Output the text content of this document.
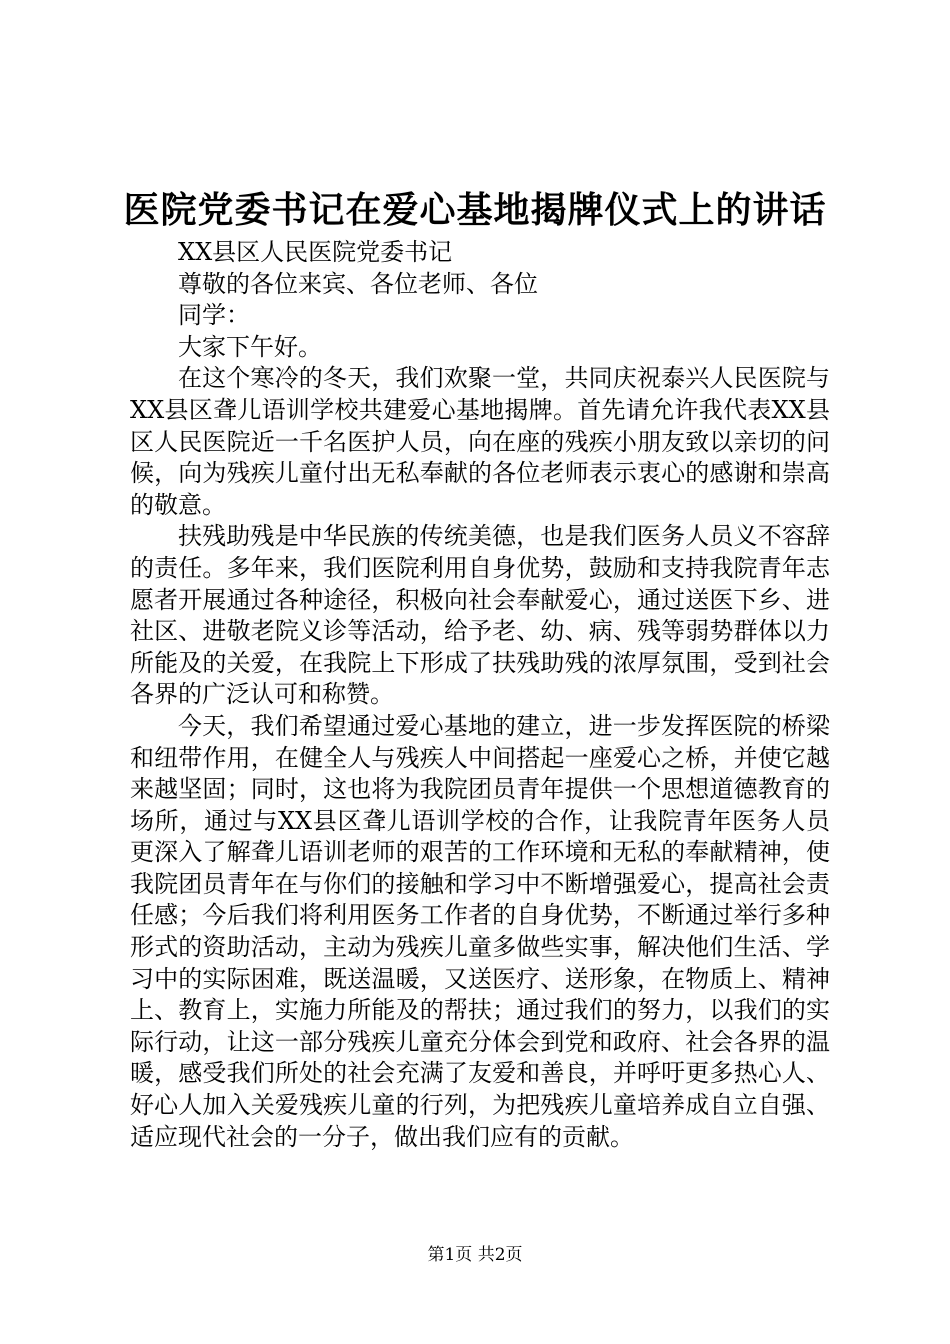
医院党委书记在爱心基地揭牌仪式上的讲话

XX县区人民医院党委书记

尊敬的各位来宾、各位老师、各位

同学：

大家下午好。

在这个寒冷的冬天，我们欢聚一堂，共同庆祝泰兴人民医院与XX县区聋儿语训学校共建爱心基地揭牌。首先请允许我代表XX县区人民医院近一千名医护人员，向在座的残疾小朋友致以亲切的问候，向为残疾儿童付出无私奉献的各位老师表示衷心的感谢和崇高的敬意。

扶残助残是中华民族的传统美德，也是我们医务人员义不容辞的责任。多年来，我们医院利用自身优势，鼓励和支持我院青年志愿者开展通过各种途径，积极向社会奉献爱心，通过送医下乡、进社区、进敬老院义诊等活动，给予老、幼、病、残等弱势群体以力所能及的关爱，在我院上下形成了扶残助残的浓厚氛围，受到社会各界的广泛认可和称赞。

今天，我们希望通过爱心基地的建立，进一步发挥医院的桥梁和纽带作用，在健全人与残疾人中间搭起一座爱心之桥，并使它越来越坚固；同时，这也将为我院团员青年提供一个思想道德教育的场所，通过与XX县区聋儿语训学校的合作，让我院青年医务人员更深入了解聋儿语训老师的艰苦的工作环境和无私的奉献精神，使我院团员青年在与你们的接触和学习中不断增强爱心，提高社会责任感；今后我们将利用医务工作者的自身优势，不断通过举行多种形式的资助活动，主动为残疾儿童多做些实事，解决他们生活、学习中的实际困难，既送温暖，又送医疗、送形象，在物质上、精神上、教育上，实施力所能及的帮扶；通过我们的努力，以我们的实际行动，让这一部分残疾儿童充分体会到党和政府、社会各界的温暖，感受我们所处的社会充满了友爱和善良，并呼吁更多热心人、好心人加入关爱残疾儿童的行列，为把残疾儿童培养成自立自强、适应现代社会的一分子，做出我们应有的贡献。

第1页 共2页
